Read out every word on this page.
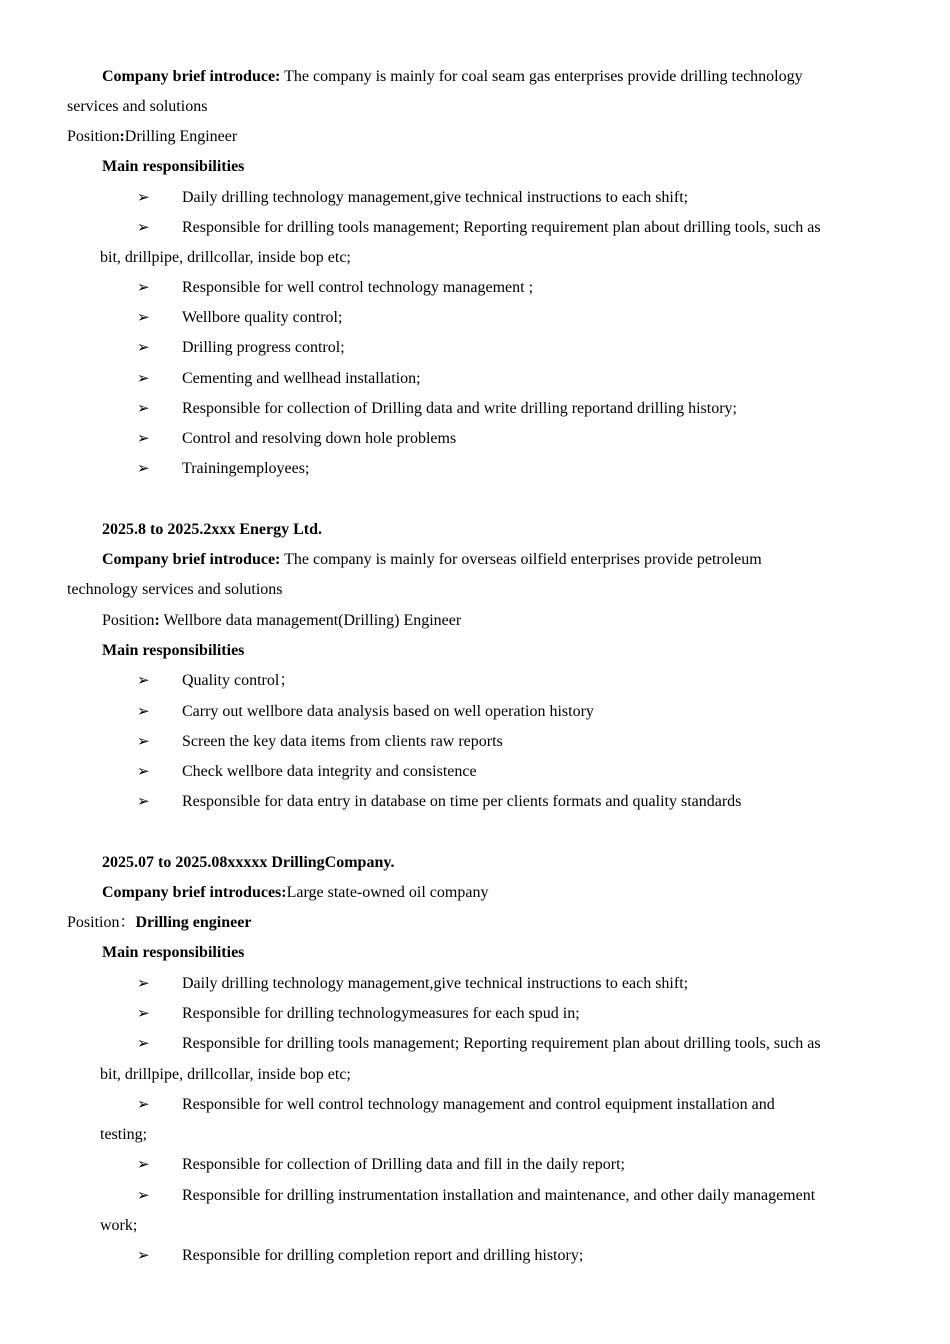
Company brief introduce: The company is mainly for coal seam gas enterprises provide drilling technology
services and solutions
Position:Drilling Engineer
Main responsibilities
➢ Daily drilling technology management,give technical instructions to each shift;
➢ Responsible for drilling tools management; Reporting requirement plan about drilling tools, such as
bit, drillpipe, drillcollar, inside bop etc;
➢ Responsible for well control technology management ;
➢ Wellbore quality control;
➢ Drilling progress control;
➢ Cementing and wellhead installation;
➢ Responsible for collection of Drilling data and write drilling reportand drilling history;
➢ Control and resolving down hole problems
➢ Trainingemployees;
2025.8 to 2025.2xxx Energy Ltd.
Company brief introduce: The company is mainly for overseas oilfield enterprises provide petroleum
technology services and solutions
Position: Wellbore data management(Drilling) Engineer
Main responsibilities
➢ Quality control；
➢ Carry out wellbore data analysis based on well operation history
➢ Screen the key data items from clients raw reports
➢ Check wellbore data integrity and consistence
➢ Responsible for data entry in database on time per clients formats and quality standards
2025.07 to 2025.08xxxxx DrillingCompany.
Company brief introduces:Large state-owned oil company
Position：Drilling engineer
Main responsibilities
➢ Daily drilling technology management,give technical instructions to each shift;
➢ Responsible for drilling technologymeasures for each spud in;
➢ Responsible for drilling tools management; Reporting requirement plan about drilling tools, such as
bit, drillpipe, drillcollar, inside bop etc;
➢ Responsible for well control technology management and control equipment installation and
testing;
➢ Responsible for collection of Drilling data and fill in the daily report;
➢ Responsible for drilling instrumentation installation and maintenance, and other daily management
work;
➢ Responsible for drilling completion report and drilling history;
